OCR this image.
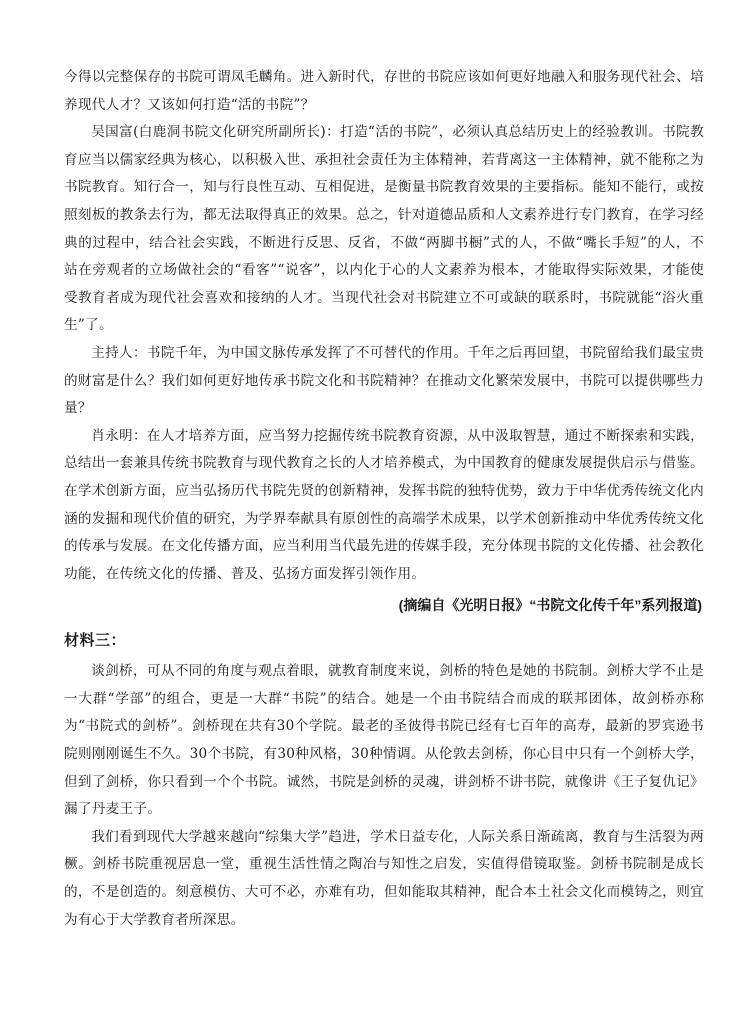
今得以完整保存的书院可谓凤毛麟角。进入新时代，存世的书院应该如何更好地融入和服务现代社会、培养现代人才？又该如何打造“活的书院”？

吴国富(白鹿洞书院文化研究所副所长)：打造“活的书院”，必须认真总结历史上的经验教训。书院教育应当以儒家经典为核心，以积极入世、承担社会责任为主体精神，若背离这一主体精神，就不能称之为书院教育。知行合一，知与行良性互动、互相促进，是衡量书院教育效果的主要指标。能知不能行，或按照刻板的教条去行为，都无法取得真正的效果。总之，针对道德品质和人文素养进行专门教育，在学习经典的过程中，结合社会实践，不断进行反思、反省，不做“两脚书橱”式的人，不做“嘴长手短”的人，不站在旁观者的立场做社会的“看客”“说客”，以内化于心的人文素养为根本，才能取得实际效果，才能使受教育者成为现代社会喜欢和接纳的人才。当现代社会对书院建立不可或缺的联系时，书院就能“浴火重生”了。

主持人：书院千年，为中国文脉传承发挥了不可替代的作用。千年之后再回望，书院留给我们最宝贵的财富是什么？我们如何更好地传承书院文化和书院精神？在推动文化繁荣发展中，书院可以提供哪些力量？

肖永明：在人才培养方面，应当努力挖掘传统书院教育资源，从中汲取智慧，通过不断探索和实践，总结出一套兼具传统书院教育与现代教育之长的人才培养模式，为中国教育的健康发展提供启示与借鉴。在学术创新方面，应当弘扬历代书院先贤的创新精神，发挥书院的独特优势，致力于中华优秀传统文化内涵的发掘和现代价值的研究，为学界奉献具有原创性的高端学术成果，以学术创新推动中华优秀传统文化的传承与发展。在文化传播方面，应当利用当代最先进的传媒手段，充分体现书院的文化传播、社会教化功能，在传统文化的传播、普及、弘扬方面发挥引领作用。

(摘编自《光明日报》“书院文化传千年”系列报道)
材料三：

谈剑桥，可从不同的角度与观点着眼，就教育制度来说，剑桥的特色是她的书院制。剑桥大学不止是一大群“学部”的组合，更是一大群“书院”的结合。她是一个由书院结合而成的联邦团体，故剑桥亦称为“书院式的剑桥”。剑桥现在共有30个学院。最老的圣彼得书院已经有七百年的高寿，最新的罗宾逊书院则刚刚诞生不久。30个书院，有30种风格，30种情调。从伦敦去剑桥，你心目中只有一个剑桥大学，但到了剑桥，你只看到一个个书院。诚然，书院是剑桥的灵魂，讲剑桥不讲书院，就像讲《王子复仇记》漏了丹麦王子。

我们看到现代大学越来越向“综集大学”趋进，学术日益专化，人际关系日渐疏离，教育与生活裂为两橛。剑桥书院重视居息一堂，重视生活性情之陶冶与知性之启发，实值得借镜取鉴。剑桥书院制是成长的，不是创造的。刻意模仿、大可不必，亦难有功，但如能取其精神，配合本土社会文化而模铸之，则宜为有心于大学教育者所深思。
